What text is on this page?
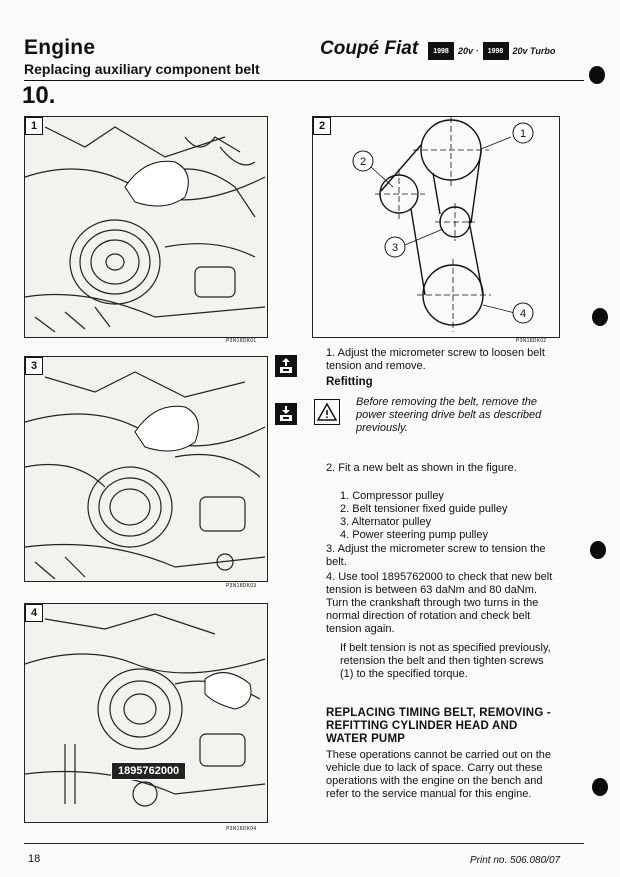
Engine
Replacing auxiliary component belt
10.
Coupé Fiat	1998	20v ·	1998	20v Turbo
1
P3N18DK01
2
1
2
3
4
P3N18DK02
3
P3N18DK03
4
1895762000
P3N18DK04
1. Adjust the micrometer screw to loosen belt tension and remove.
Refitting
Before removing the belt, remove the power steering drive belt as described previously.
2. Fit a new belt as shown in the figure.
1. Compressor pulley
2. Belt tensioner fixed guide pulley
3. Alternator pulley
4. Power steering pump pulley
3. Adjust the micrometer screw to tension the belt.
4. Use tool 1895762000 to check that new belt tension is between 63 daNm and 80 daNm. Turn the crankshaft through two turns in the normal direction of rotation and check belt tension again.
If belt tension is not as specified previously, retension the belt and then tighten screws (1) to the specified torque.
REPLACING TIMING BELT, REMOVING - REFITTING CYLINDER HEAD AND WATER PUMP
These operations cannot be carried out on the vehicle due to lack of space. Carry out these operations with the engine on the bench and refer to the service manual for this engine.
18	Print no. 506.080/07
